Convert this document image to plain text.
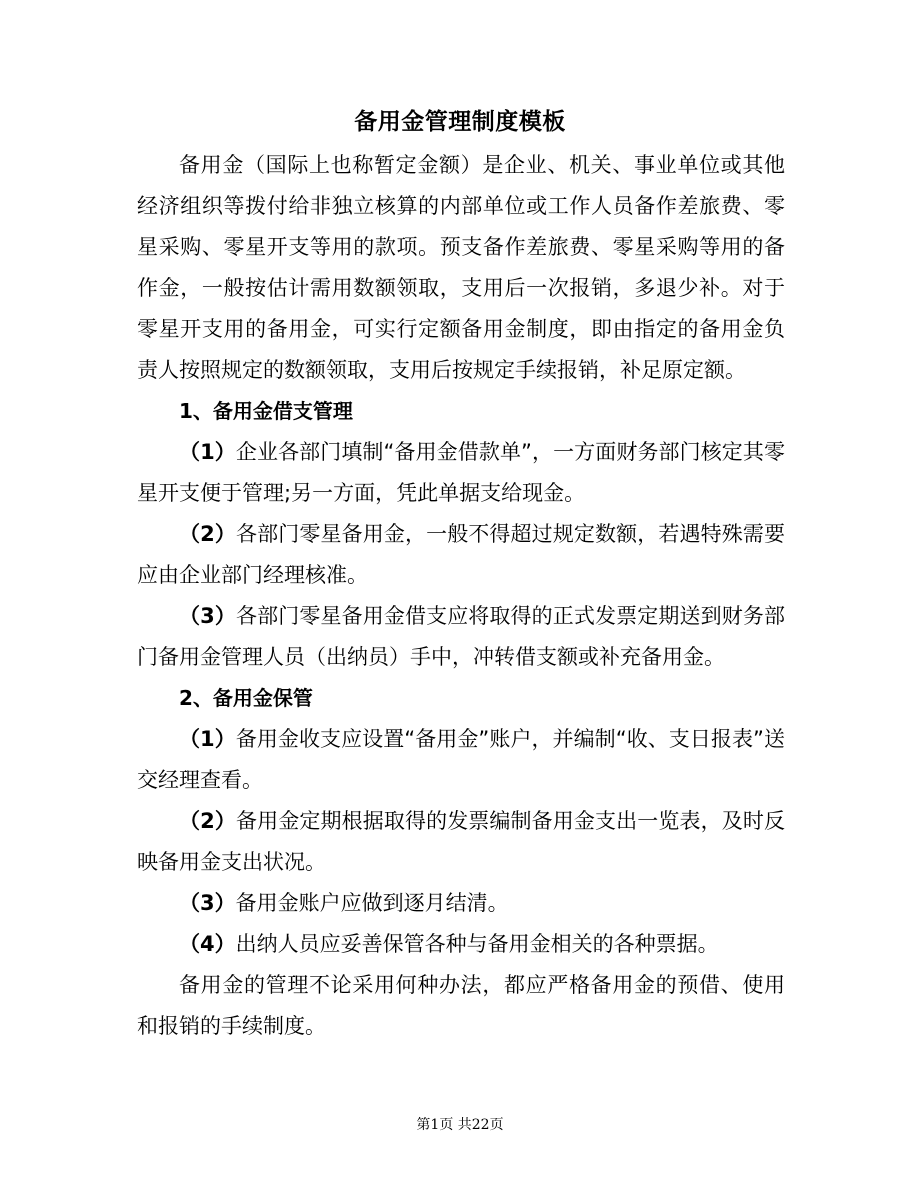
备用金管理制度模板

备用金（国际上也称暂定金额）是企业、机关、事业单位或其他经济组织等拨付给非独立核算的内部单位或工作人员备作差旅费、零星采购、零星开支等用的款项。预支备作差旅费、零星采购等用的备作金，一般按估计需用数额领取，支用后一次报销，多退少补。对于零星开支用的备用金，可实行定额备用金制度，即由指定的备用金负责人按照规定的数额领取，支用后按规定手续报销，补足原定额。

1、备用金借支管理

（1）企业各部门填制“备用金借款单”，一方面财务部门核定其零星开支便于管理;另一方面，凭此单据支给现金。

（2）各部门零星备用金，一般不得超过规定数额，若遇特殊需要应由企业部门经理核准。

（3）各部门零星备用金借支应将取得的正式发票定期送到财务部门备用金管理人员（出纳员）手中，冲转借支额或补充备用金。

2、备用金保管

（1）备用金收支应设置“备用金”账户，并编制“收、支日报表”送交经理查看。

（2）备用金定期根据取得的发票编制备用金支出一览表，及时反映备用金支出状况。

（3）备用金账户应做到逐月结清。

（4）出纳人员应妥善保管各种与备用金相关的各种票据。

备用金的管理不论采用何种办法，都应严格备用金的预借、使用和报销的手续制度。

第1页 共22页
